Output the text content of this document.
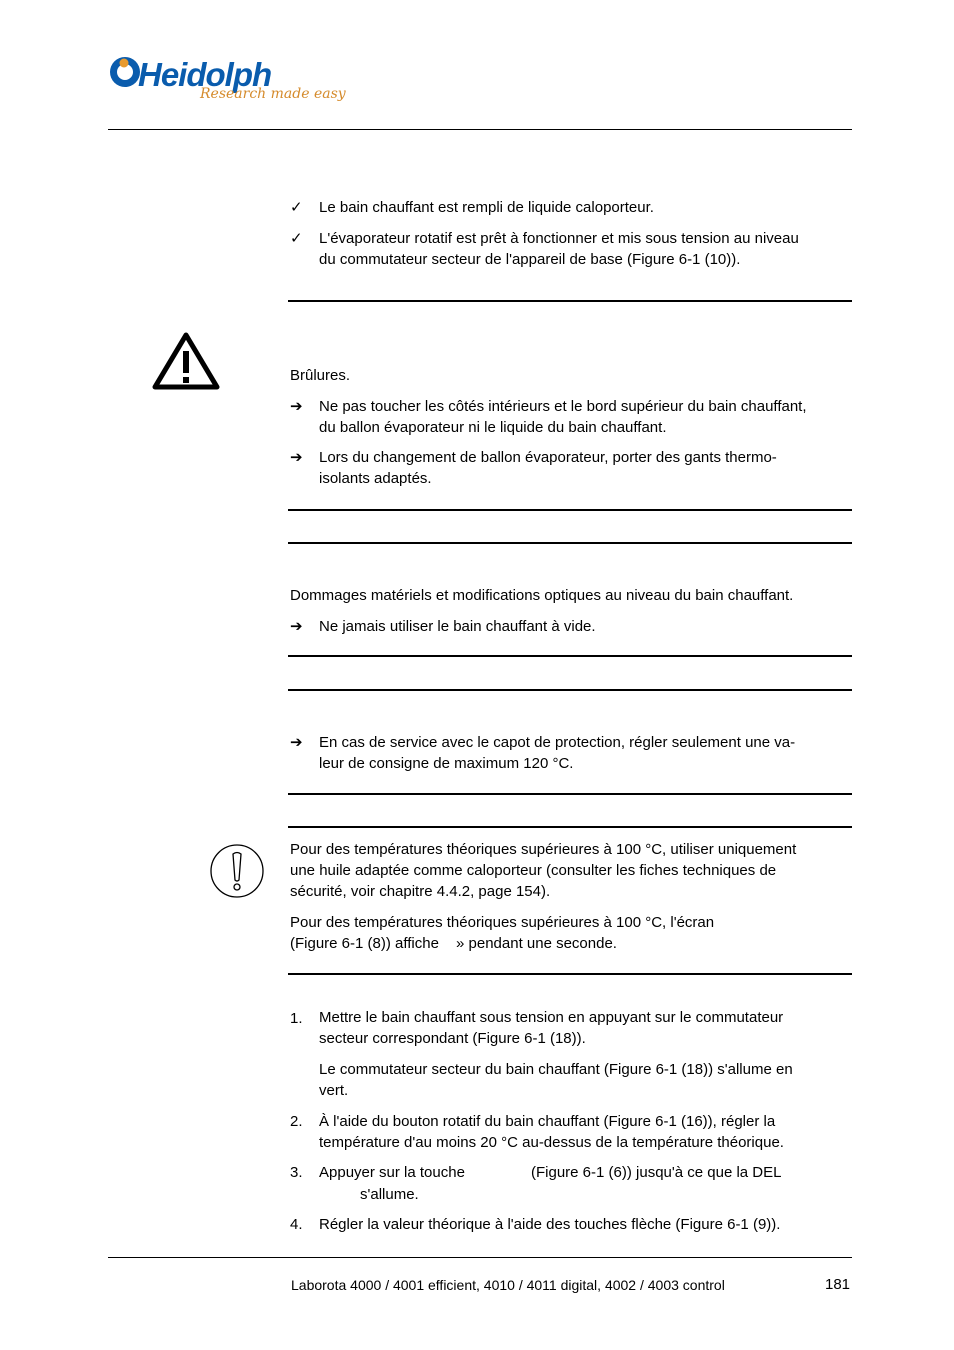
Heidolph
Research made easy
✓ Le bain chauffant est rempli de liquide caloporteur.
✓ L'évaporateur rotatif est prêt à fonctionner et mis sous tension au niveau
du commutateur secteur de l'appareil de base (Figure 6-1 (10)).
Brûlures.
➔ Ne pas toucher les côtés intérieurs et le bord supérieur du bain chauffant,
du ballon évaporateur ni le liquide du bain chauffant.
➔ Lors du changement de ballon évaporateur, porter des gants thermo-
isolants adaptés.
Dommages matériels et modifications optiques au niveau du bain chauffant.
➔ Ne jamais utiliser le bain chauffant à vide.
➔ En cas de service avec le capot de protection, régler seulement une va-
leur de consigne de maximum 120 °C.
Pour des températures théoriques supérieures à 100 °C, utiliser uniquement
une huile adaptée comme caloporteur (consulter les fiches techniques de
sécurité, voir chapitre 4.4.2, page 154).
Pour des températures théoriques supérieures à 100 °C, l'écran
(Figure 6-1 (8)) affiche » pendant une seconde.
1. Mettre le bain chauffant sous tension en appuyant sur le commutateur
secteur correspondant (Figure 6-1 (18)).
Le commutateur secteur du bain chauffant (Figure 6-1 (18)) s'allume en
vert.
2. À l'aide du bouton rotatif du bain chauffant (Figure 6-1 (16)), régler la
température d'au moins 20 °C au-dessus de la température théorique.
3. Appuyer sur la touche	(Figure 6-1 (6)) jusqu'à ce que la DEL
s'allume.
4. Régler la valeur théorique à l'aide des touches flèche (Figure 6-1 (9)).
Laborota 4000 / 4001 efficient, 4010 / 4011 digital, 4002 / 4003 control	181
